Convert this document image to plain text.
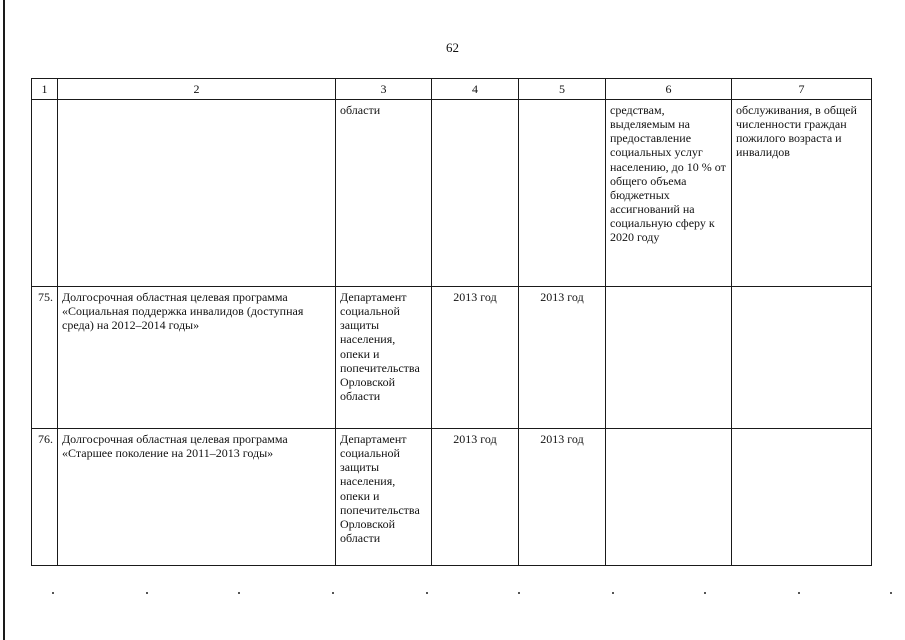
62
1	2	3	4	5	6	7
		области			средствам, выделяемым на предоставление социальных услуг населению, до 10 % от общего объема бюджетных ассигнований на социальную сферу к 2020 году	обслуживания, в общей численности граждан пожилого возраста и инвалидов
75.	Долгосрочная областная целевая программа «Социальная поддержка инвалидов (доступная среда) на 2012–2014 годы»	Департамент социальной защиты населения, опеки и попечительства Орловской области	2013 год	2013 год		
76.	Долгосрочная областная целевая программа «Старшее поколение на 2011–2013 годы»	Департамент социальной защиты населения, опеки и попечительства Орловской области	2013 год	2013 год		
